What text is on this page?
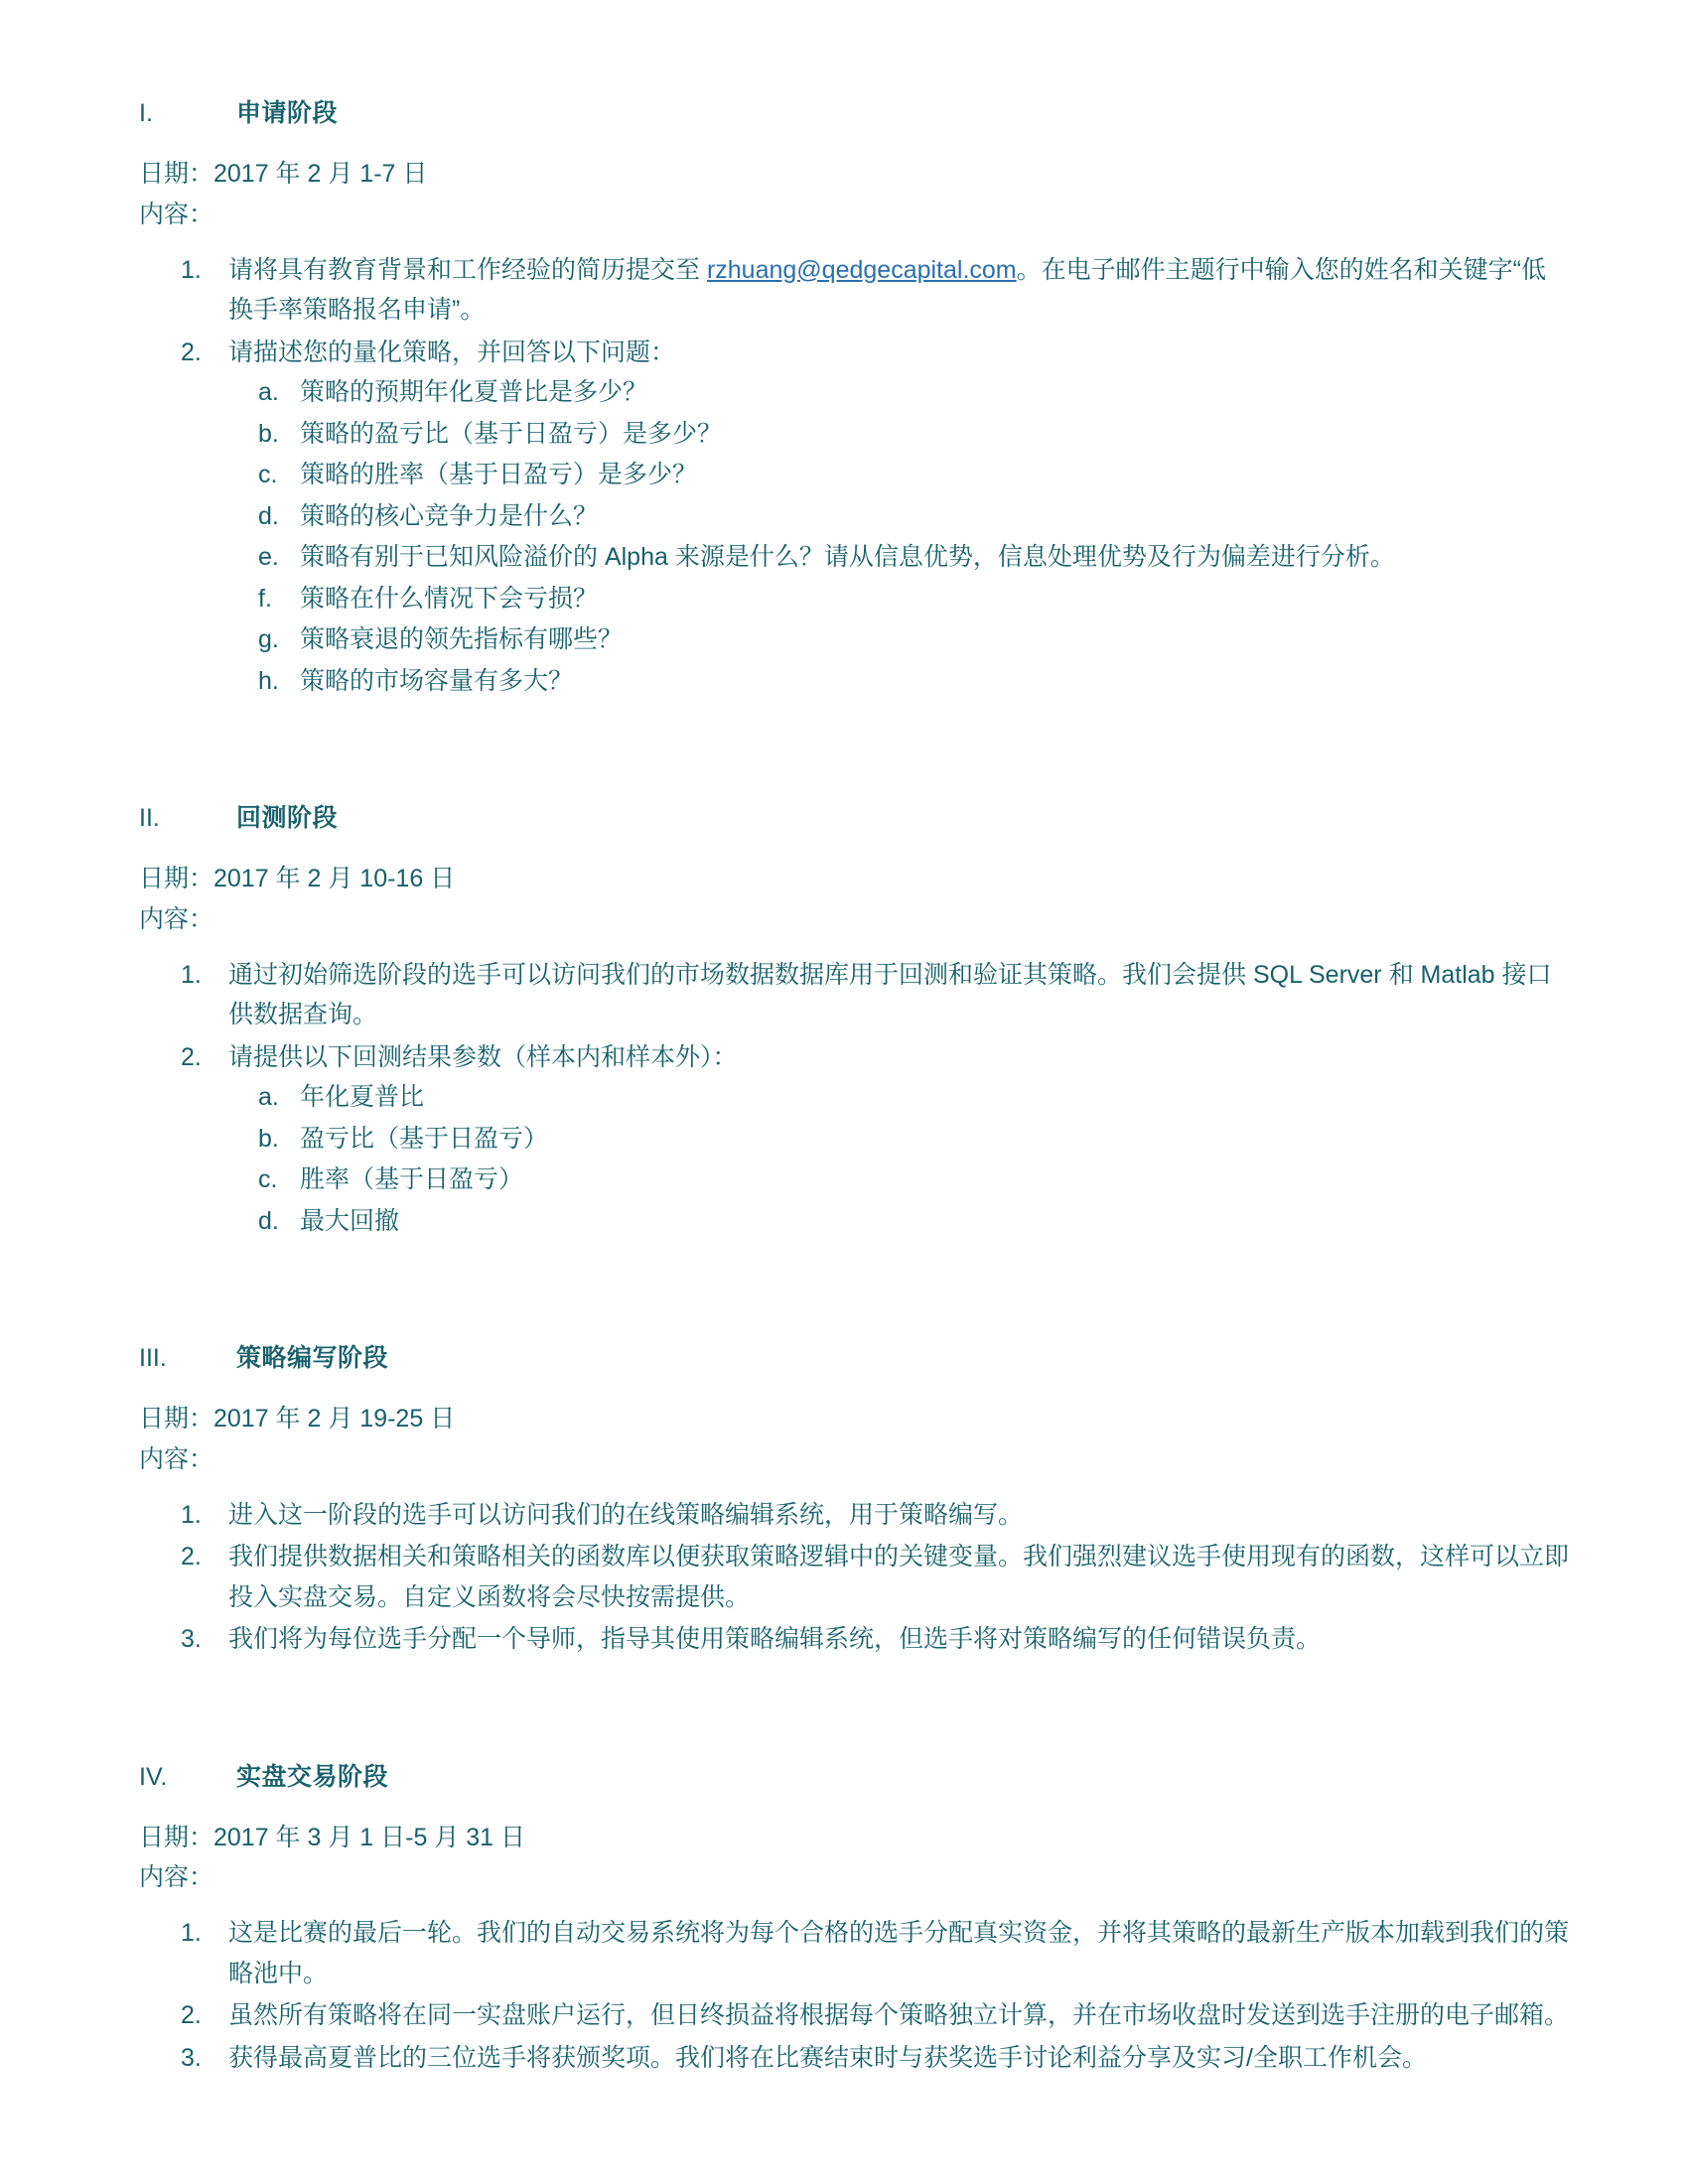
I.	申请阶段

日期：2017 年 2 月 1-7 日

内容：

1.	请将具有教育背景和工作经验的简历提交至 rzhuang@qedgecapital.com。在电子邮件主题行中输入您的姓名和关键字“低换手率策略报名申请”。
2.	请描述您的量化策略，并回答以下问题：
a. 策略的预期年化夏普比是多少？
b. 策略的盈亏比（基于日盈亏）是多少？
c. 策略的胜率（基于日盈亏）是多少？
d. 策略的核心竞争力是什么？
e. 策略有别于已知风险溢价的 Alpha 来源是什么？请从信息优势，信息处理优势及行为偏差进行分析。
f.	策略在什么情况下会亏损？
g. 策略衰退的领先指标有哪些？
h. 策略的市场容量有多大？
II.	回测阶段

日期：2017 年 2 月 10-16 日

内容：

1.	通过初始筛选阶段的选手可以访问我们的市场数据数据库用于回测和验证其策略。我们会提供 SQL Server 和 Matlab 接口供数据查询。
2.	请提供以下回测结果参数（样本内和样本外）：
a. 年化夏普比
b. 盈亏比（基于日盈亏）
c. 胜率（基于日盈亏）
d. 最大回撤
III.	策略编写阶段

日期：2017 年 2 月 19-25 日

内容：

1.	进入这一阶段的选手可以访问我们的在线策略编辑系统，用于策略编写。
2.	我们提供数据相关和策略相关的函数库以便获取策略逻辑中的关键变量。我们强烈建议选手使用现有的函数，这样可以立即投入实盘交易。自定义函数将会尽快按需提供。
3.	我们将为每位选手分配一个导师，指导其使用策略编辑系统，但选手将对策略编写的任何错误负责。
IV.	实盘交易阶段

日期：2017 年 3 月 1 日-5 月 31 日

内容：

1.	这是比赛的最后一轮。我们的自动交易系统将为每个合格的选手分配真实资金，并将其策略的最新生产版本加载到我们的策略池中。
2.	虽然所有策略将在同一实盘账户运行，但日终损益将根据每个策略独立计算，并在市场收盘时发送到选手注册的电子邮箱。
3.	获得最高夏普比的三位选手将获颁奖项。我们将在比赛结束时与获奖选手讨论利益分享及实习/全职工作机会。
